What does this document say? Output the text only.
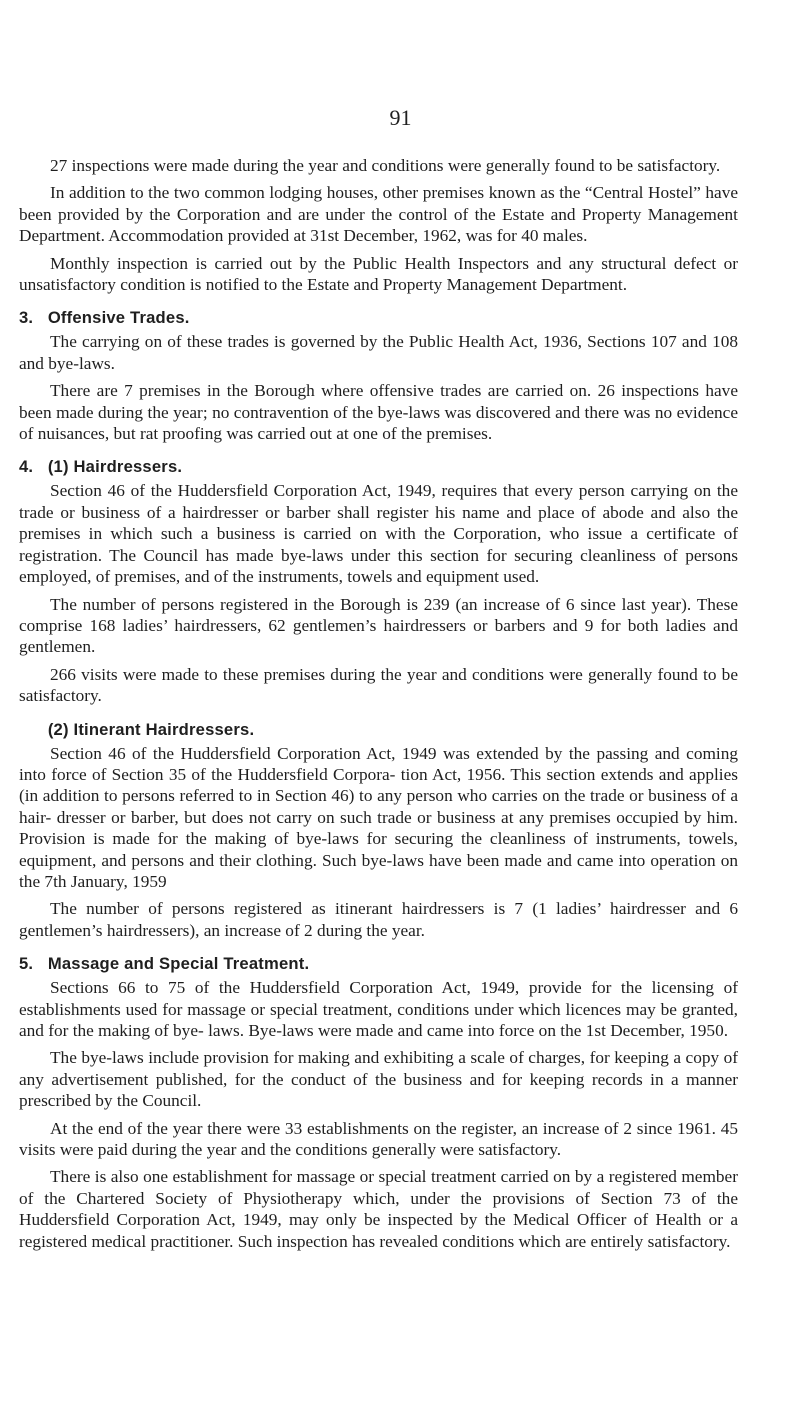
91

27 inspections were made during the year and conditions were generally found to be satisfactory.

In addition to the two common lodging houses, other premises known as the “Central Hostel” have been provided by the Corporation and are under the control of the Estate and Property Management Department. Accommodation provided at 31st December, 1962, was for 40 males.

Monthly inspection is carried out by the Public Health Inspectors and any structural defect or unsatisfactory condition is notified to the Estate and Property Management Department.

3. Offensive Trades.

The carrying on of these trades is governed by the Public Health Act, 1936, Sections 107 and 108 and bye-laws.

There are 7 premises in the Borough where offensive trades are carried on. 26 inspections have been made during the year; no contravention of the bye-laws was discovered and there was no evidence of nuisances, but rat proofing was carried out at one of the premises.

4. (1) Hairdressers.

Section 46 of the Huddersfield Corporation Act, 1949, requires that every person carrying on the trade or business of a hairdresser or barber shall register his name and place of abode and also the premises in which such a business is carried on with the Corporation, who issue a certificate of registration. The Council has made bye-laws under this section for securing cleanliness of persons employed, of premises, and of the instruments, towels and equipment used.

The number of persons registered in the Borough is 239 (an increase of 6 since last year). These comprise 168 ladies’ hairdressers, 62 gentlemen’s hairdressers or barbers and 9 for both ladies and gentlemen.

266 visits were made to these premises during the year and conditions were generally found to be satisfactory.

(2) Itinerant Hairdressers.

Section 46 of the Huddersfield Corporation Act, 1949 was extended by the passing and coming into force of Section 35 of the Huddersfield Corpora- tion Act, 1956. This section extends and applies (in addition to persons referred to in Section 46) to any person who carries on the trade or business of a hair- dresser or barber, but does not carry on such trade or business at any premises occupied by him. Provision is made for the making of bye-laws for securing the cleanliness of instruments, towels, equipment, and persons and their clothing. Such bye-laws have been made and came into operation on the 7th January, 1959

The number of persons registered as itinerant hairdressers is 7 (1 ladies’ hairdresser and 6 gentlemen’s hairdressers), an increase of 2 during the year.

5. Massage and Special Treatment.

Sections 66 to 75 of the Huddersfield Corporation Act, 1949, provide for the licensing of establishments used for massage or special treatment, conditions under which licences may be granted, and for the making of bye- laws. Bye-laws were made and came into force on the 1st December, 1950.

The bye-laws include provision for making and exhibiting a scale of charges, for keeping a copy of any advertisement published, for the conduct of the business and for keeping records in a manner prescribed by the Council.

At the end of the year there were 33 establishments on the register, an increase of 2 since 1961. 45 visits were paid during the year and the conditions generally were satisfactory.

There is also one establishment for massage or special treatment carried on by a registered member of the Chartered Society of Physiotherapy which, under the provisions of Section 73 of the Huddersfield Corporation Act, 1949, may only be inspected by the Medical Officer of Health or a registered medical practitioner. Such inspection has revealed conditions which are entirely satisfactory.
